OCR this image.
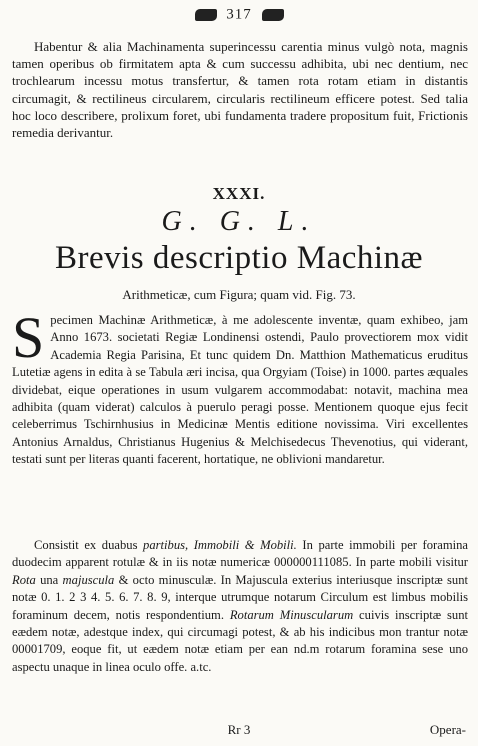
317

Habentur & alia Machinamenta superincessu carentia minus vulgò nota, magnis tamen operibus ob firmitatem apta & cum successu adhibita, ubi nec dentium, nec trochlearum incessu motus transfertur, & tamen rota rotam etiam in distantis circumagit, & rectilineus circularem, circularis rectilineum efficere potest. Sed talia hoc loco describere, prolixum foret, ubi fundamenta tradere propositum fuit, Frictionis remedia derivantur.

XXXI.
G. G. L.
Brevis descriptio Machinæ
Arithmeticæ, cum Figura; quam vid. Fig. 73.

Specimen Machinæ Arithmeticæ, à me adolescente inventæ, quam exhibeo, jam Anno 1673. societati Regiæ Londinensi ostendi, Paulo provectiorem mox vidit Academia Regia Parisina, Et tunc quidem Dn. Matthion Mathematicus eruditus Lutetiæ agens in edita à se Tabula æri incisa, qua Orgyiam (Toise) in 1000. partes æquales dividebat, eique operationes in usum vulgarem accommodabat: notavit, machina mea adhibita (quam viderat) calculos à puerulo peragi posse. Mentionem quoque ejus fecit celeberrimus Tschirnhusius in Medicinæ Mentis editione novissima. Viri excellentes Antonius Arnaldus, Christianus Hugenius & Melchisedecus Thevenotius, qui viderant, testati sunt per literas quanti facerent, hortatique, ne oblivioni mandaretur.

Consistit ex duabus partibus, Immobili & Mobili. In parte immobili per foramina duodecim apparent rotulæ & in iis notæ numericæ 000000111085. In parte mobili visitur Rota una majuscula & octo minusculæ. In Majuscula exterius interiusque inscriptæ sunt notæ 0. 1. 2 3 4. 5. 6. 7. 8. 9, interque utrumque notarum Circulum est limbus mobilis foraminum decem, notis respondentium. Rotarum Minuscularum cuivis inscriptæ sunt eædem notæ, adestque index, qui circumagi potest, & ab his indicibus mon trantur notæ 00001709, eoque fit, ut eædem notæ etiam per ean nd.m rotarum foramina sese uno aspectu unaque in linea oculo offe. a.tc.

Rr 3	Opera-
